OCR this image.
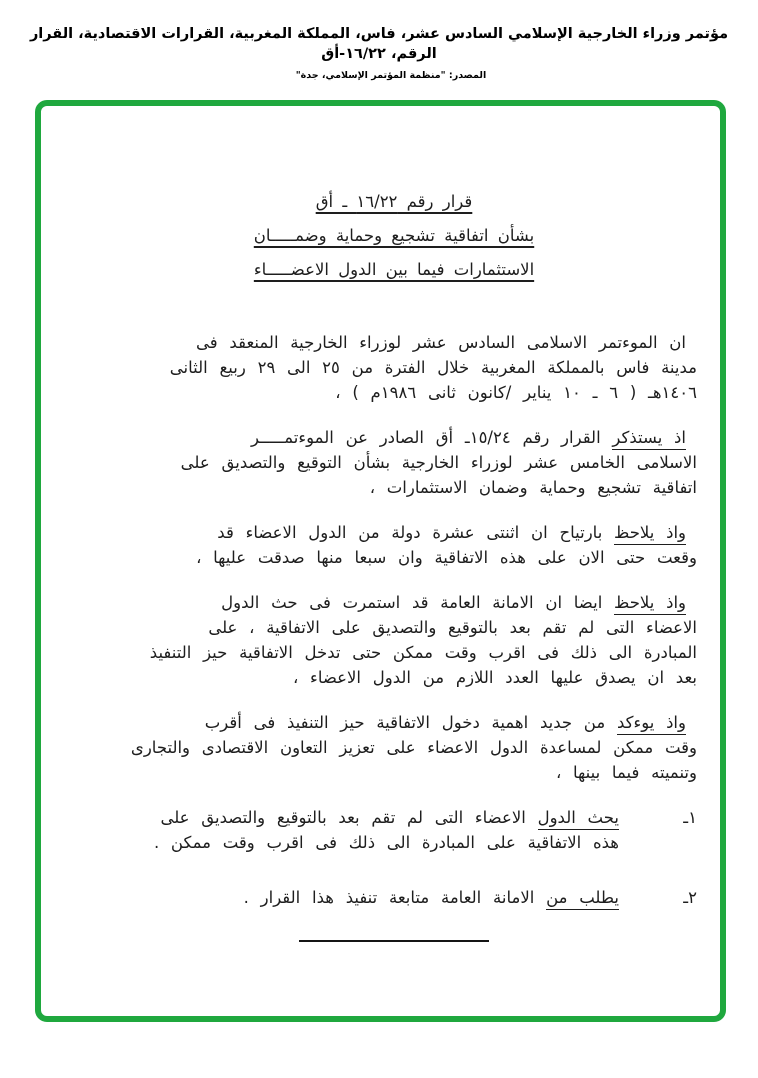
مؤتمر وزراء الخارجية الإسلامي السادس عشر، فاس، المملكة المغربية، القرارات الاقتصادية، القرار الرقم، ١٦/٢٢-أق
المصدر: "منظمة المؤتمر الإسلامي، جدة"
قرار رقم ١٦/٢٢ ـ أق
بشأن اتفاقية تشجيع وحماية وضمـــــان
الاستثمارات فيما بين الدول الاعضـــــاء
ان الموءتمر الاسلامى السادس عشر لوزراء الخارجية المنعقد فى
مدينة فاس بالمملكة المغربية خلال الفترة من ٢٥ الى ٢٩ ربيع الثانى
١٤٠٦هـ ( ٦ ـ ١٠ يناير /كانون ثانى ١٩٨٦م ) ،
اذ يستذكر القرار رقم ١٥/٢٤ـ أق الصادر عن الموءتمـــــر
الاسلامى الخامس عشر لوزراء الخارجية بشأن التوقيع والتصديق على
اتفاقية تشجيع وحماية وضمان الاستثمارات ،
واذ يلاحظ بارتياح ان اثنتى عشرة دولة من الدول الاعضاء قد
وقعت حتى الان على هذه الاتفاقية وان سبعا منها صدقت عليها ،
واذ يلاحظ ايضا ان الامانة العامة قد استمرت فى حث الدول
الاعضاء التى لم تقم بعد بالتوقيع والتصديق على الاتفاقية ، على
المبادرة الى ذلك فى اقرب وقت ممكن حتى تدخل الاتفاقية حيز التنفيذ
بعد ان يصدق عليها العدد اللازم من الدول الاعضاء ،
واذ يوءكد من جديد اهمية دخول الاتفاقية حيز التنفيذ فى أقرب
وقت ممكن لمساعدة الدول الاعضاء على تعزيز التعاون الاقتصادى والتجارى
وتنميته فيما بينها ،
١ـ
يحث الدول الاعضاء التى لم تقم بعد بالتوقيع والتصديق على
هذه الاتفاقية على المبادرة الى ذلك فى اقرب وقت ممكن .
٢ـ
يطلب من الامانة العامة متابعة تنفيذ هذا القرار .
